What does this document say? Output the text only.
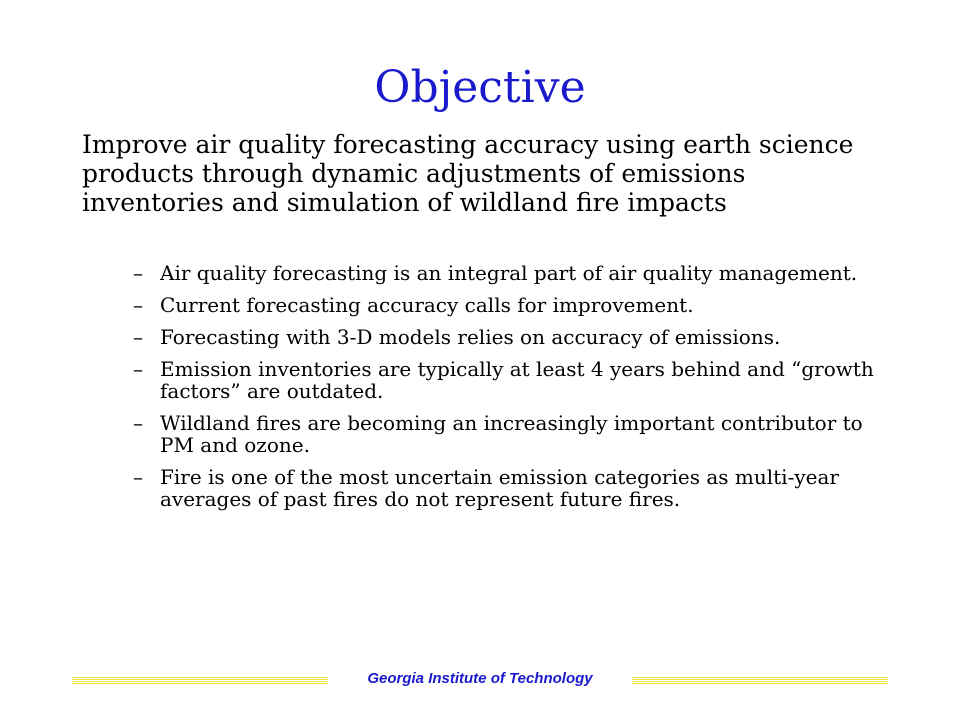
Objective

Improve air quality forecasting accuracy using earth science products through dynamic adjustments of emissions inventories and simulation of wildland fire impacts

– Air quality forecasting is an integral part of air quality management.
– Current forecasting accuracy calls for improvement.
– Forecasting with 3-D models relies on accuracy of emissions.
– Emission inventories are typically at least 4 years behind and “growth factors” are outdated.
– Wildland fires are becoming an increasingly important contributor to PM and ozone.
– Fire is one of the most uncertain emission categories as multi-year averages of past fires do not represent future fires.
Georgia Institute of Technology
